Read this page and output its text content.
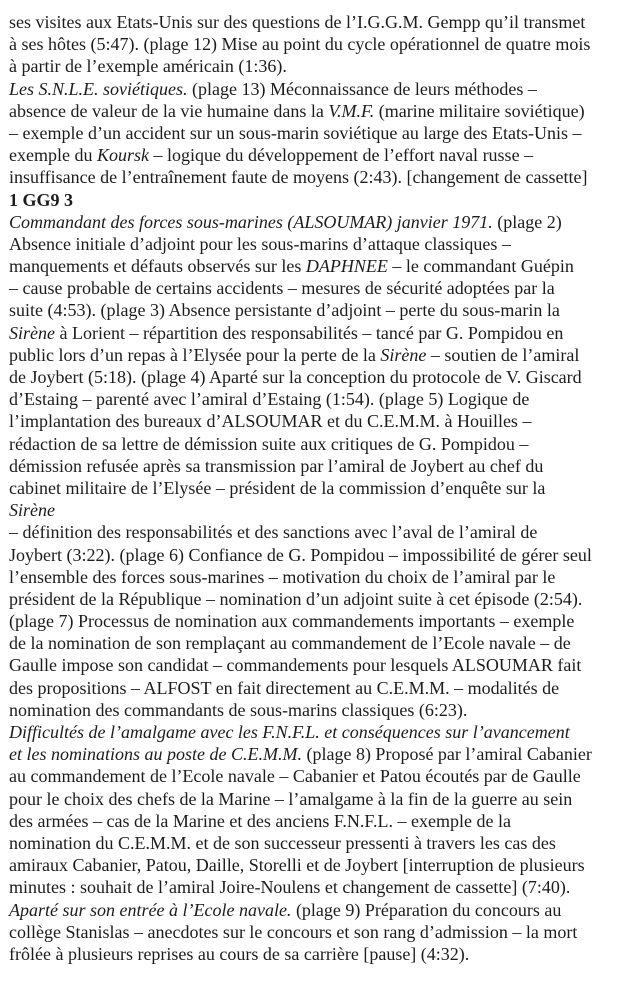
ses visites aux Etats-Unis sur des questions de l’I.G.G.M. Gempp qu’il transmet
à ses hôtes (5:47). (plage 12) Mise au point du cycle opérationnel de quatre mois
à partir de l’exemple américain (1:36).
Les S.N.L.E. soviétiques. (plage 13) Méconnaissance de leurs méthodes –
absence de valeur de la vie humaine dans la V.M.F. (marine militaire soviétique)
– exemple d’un accident sur un sous-marin soviétique au large des Etats-Unis –
exemple du Koursk – logique du développement de l’effort naval russe –
insuffisance de l’entraînement faute de moyens (2:43). [changement de cassette]
1 GG9 3
Commandant des forces sous-marines (ALSOUMAR) janvier 1971. (plage 2)
Absence initiale d’adjoint pour les sous-marins d’attaque classiques –
manquements et défauts observés sur les DAPHNEE – le commandant Guépin
– cause probable de certains accidents – mesures de sécurité adoptées par la
suite (4:53). (plage 3) Absence persistante d’adjoint – perte du sous-marin la
Sirène à Lorient – répartition des responsabilités – tancé par G. Pompidou en
public lors d’un repas à l’Elysée pour la perte de la Sirène – soutien de l’amiral
de Joybert (5:18). (plage 4) Aparté sur la conception du protocole de V. Giscard
d’Estaing – parenté avec l’amiral d’Estaing (1:54). (plage 5) Logique de
l’implantation des bureaux d’ALSOUMAR et du C.E.M.M. à Houilles –
rédaction de sa lettre de démission suite aux critiques de G. Pompidou –
démission refusée après sa transmission par l’amiral de Joybert au chef du
cabinet militaire de l’Elysée – président de la commission d’enquête sur la
Sirène
– définition des responsabilités et des sanctions avec l’aval de l’amiral de
Joybert (3:22). (plage 6) Confiance de G. Pompidou – impossibilité de gérer seul
l’ensemble des forces sous-marines – motivation du choix de l’amiral par le
président de la République – nomination d’un adjoint suite à cet épisode (2:54).
(plage 7) Processus de nomination aux commandements importants – exemple
de la nomination de son remplaçant au commandement de l’Ecole navale – de
Gaulle impose son candidat – commandements pour lesquels ALSOUMAR fait
des propositions – ALFOST en fait directement au C.E.M.M. – modalités de
nomination des commandants de sous-marins classiques (6:23).
Difficultés de l’amalgame avec les F.N.F.L. et conséquences sur l’avancement
et les nominations au poste de C.E.M.M. (plage 8) Proposé par l’amiral Cabanier
au commandement de l’Ecole navale – Cabanier et Patou écoutés par de Gaulle
pour le choix des chefs de la Marine – l’amalgame à la fin de la guerre au sein
des armées – cas de la Marine et des anciens F.N.F.L. – exemple de la
nomination du C.E.M.M. et de son successeur pressenti à travers les cas des
amiraux Cabanier, Patou, Daille, Storelli et de Joybert [interruption de plusieurs
minutes : souhait de l’amiral Joire-Noulens et changement de cassette] (7:40).
Aparté sur son entrée à l’Ecole navale. (plage 9) Préparation du concours au
collège Stanislas – anecdotes sur le concours et son rang d’admission – la mort
frôlée à plusieurs reprises au cours de sa carrière [pause] (4:32).
